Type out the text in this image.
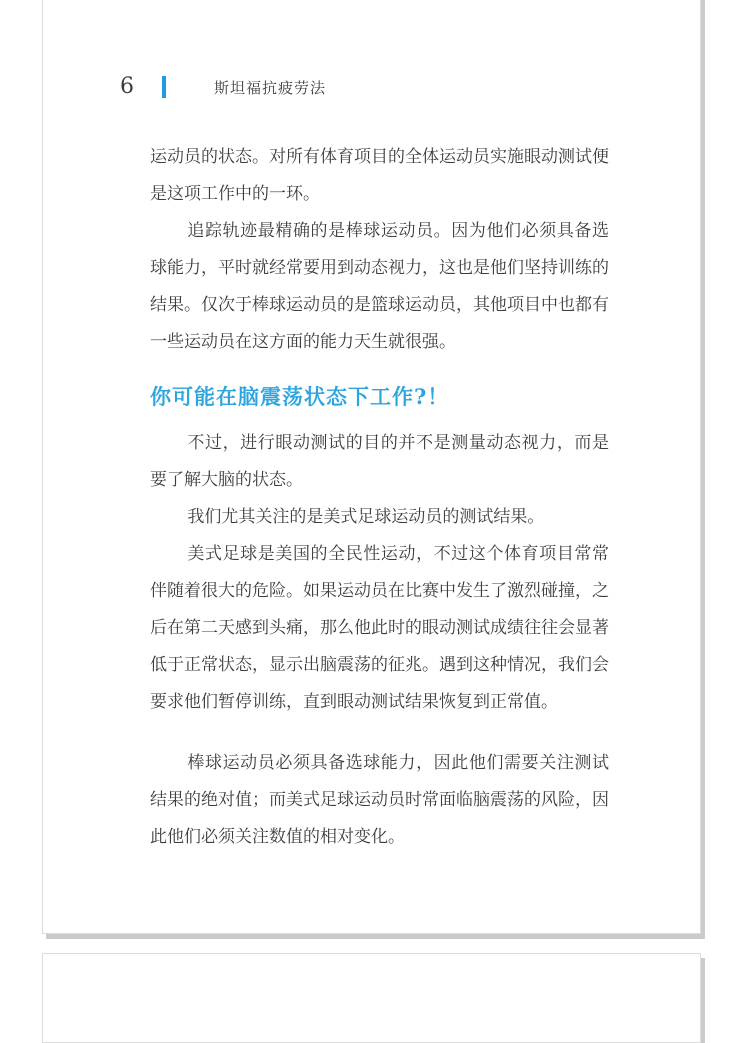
6	斯坦福抗疲劳法

运动员的状态。对所有体育项目的全体运动员实施眼动测试便是这项工作中的一环。

追踪轨迹最精确的是棒球运动员。因为他们必须具备选球能力，平时就经常要用到动态视力，这也是他们坚持训练的结果。仅次于棒球运动员的是篮球运动员，其他项目中也都有一些运动员在这方面的能力天生就很强。

你可能在脑震荡状态下工作?！

不过，进行眼动测试的目的并不是测量动态视力，而是要了解大脑的状态。

我们尤其关注的是美式足球运动员的测试结果。

美式足球是美国的全民性运动，不过这个体育项目常常伴随着很大的危险。如果运动员在比赛中发生了激烈碰撞，之后在第二天感到头痛，那么他此时的眼动测试成绩往往会显著低于正常状态，显示出脑震荡的征兆。遇到这种情况，我们会要求他们暂停训练，直到眼动测试结果恢复到正常值。

棒球运动员必须具备选球能力，因此他们需要关注测试结果的绝对值；而美式足球运动员时常面临脑震荡的风险，因此他们必须关注数值的相对变化。
